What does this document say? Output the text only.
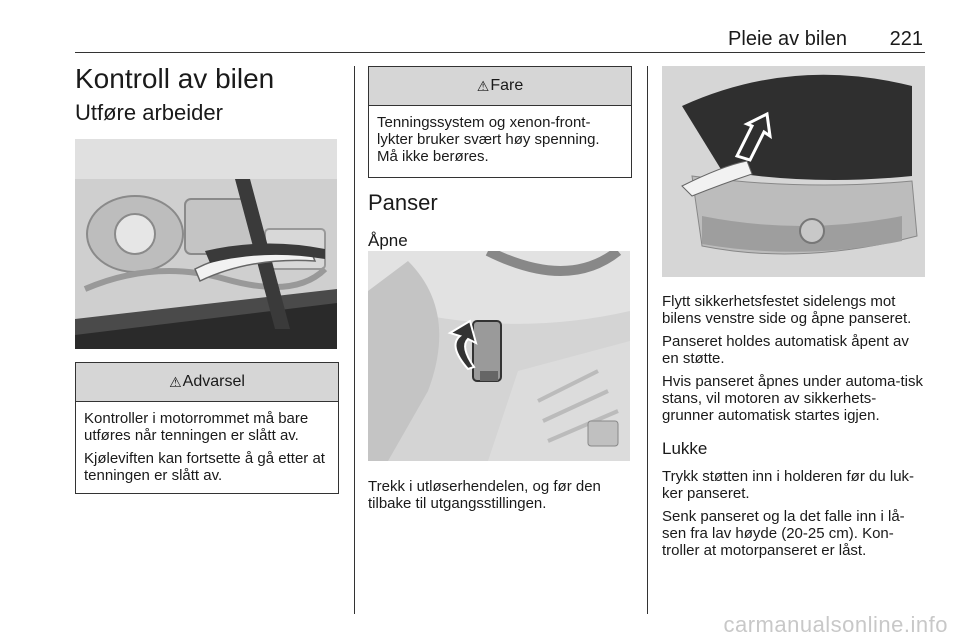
Pleie av bilen 221
Kontroll av bilen
Utføre arbeider
⚠ Advarsel

Kontroller i motorrommet må bare utføres når tenningen er slått av.

Kjøleviften kan fortsette å gå etter at tenningen er slått av.

⚠ Fare

Tenningssystem og xenon-front-lykter bruker svært høy spenning. Må ikke berøres.

Panser
Åpne

Trekk i utløserhendelen, og før den tilbake til utgangsstillingen.

Flytt sikkerhetsfestet sidelengs mot bilens venstre side og åpne panseret.

Panseret holdes automatisk åpent av en støtte.

Hvis panseret åpnes under automa-tisk stans, vil motoren av sikkerhets-grunner automatisk startes igjen.

Lukke

Trykk støtten inn i holderen før du luk-ker panseret.

Senk panseret og la det falle inn i lå-sen fra lav høyde (20-25 cm). Kon-troller at motorpanseret er låst.

carmanualsonline.info
